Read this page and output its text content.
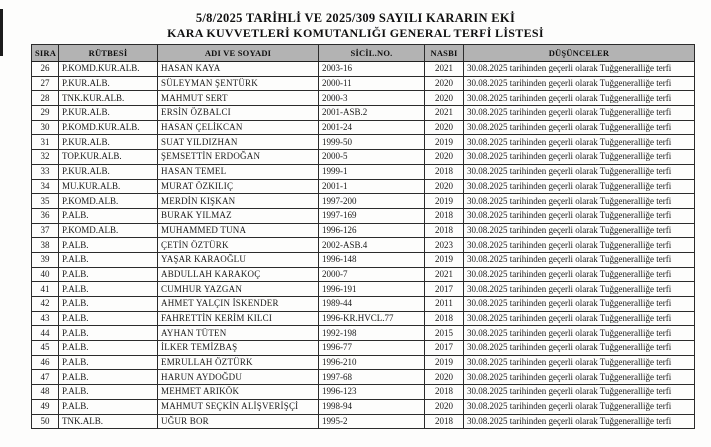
5/8/2025 TARİHLİ VE 2025/309 SAYILI KARARIN EKİ
KARA KUVVETLERİ KOMUTANLIĞI GENERAL TERFİ LİSTESİ
SIRA	RÜTBESİ	ADI VE SOYADI	SİCİL.NO.	NASBI	DÜŞÜNCELER
26	P.KOMD.KUR.ALB.	HASAN KAYA	2003-16	2021	30.08.2025 tarihinden geçerli olarak Tuğgeneralliğe terfi
27	P.KUR.ALB.	SÜLEYMAN ŞENTÜRK	2000-11	2020	30.08.2025 tarihinden geçerli olarak Tuğgeneralliğe terfi
28	TNK.KUR.ALB.	MAHMUT SERT	2000-3	2020	30.08.2025 tarihinden geçerli olarak Tuğgeneralliğe terfi
29	P.KUR.ALB.	ERSİN ÖZBALCI	2001-ASB.2	2021	30.08.2025 tarihinden geçerli olarak Tuğgeneralliğe terfi
30	P.KOMD.KUR.ALB.	HASAN ÇELİKCAN	2001-24	2020	30.08.2025 tarihinden geçerli olarak Tuğgeneralliğe terfi
31	P.KUR.ALB.	SUAT YILDIZHAN	1999-50	2019	30.08.2025 tarihinden geçerli olarak Tuğgeneralliğe terfi
32	TOP.KUR.ALB.	ŞEMSETTİN ERDOĞAN	2000-5	2020	30.08.2025 tarihinden geçerli olarak Tuğgeneralliğe terfi
33	P.KUR.ALB.	HASAN TEMEL	1999-1	2018	30.08.2025 tarihinden geçerli olarak Tuğgeneralliğe terfi
34	MU.KUR.ALB.	MURAT ÖZKILIÇ	2001-1	2020	30.08.2025 tarihinden geçerli olarak Tuğgeneralliğe terfi
35	P.KOMD.ALB.	MERDİN KIŞKAN	1997-200	2019	30.08.2025 tarihinden geçerli olarak Tuğgeneralliğe terfi
36	P.ALB.	BURAK YILMAZ	1997-169	2018	30.08.2025 tarihinden geçerli olarak Tuğgeneralliğe terfi
37	P.KOMD.ALB.	MUHAMMED TUNA	1996-126	2018	30.08.2025 tarihinden geçerli olarak Tuğgeneralliğe terfi
38	P.ALB.	ÇETİN ÖZTÜRK	2002-ASB.4	2023	30.08.2025 tarihinden geçerli olarak Tuğgeneralliğe terfi
39	P.ALB.	YAŞAR KARAOĞLU	1996-148	2019	30.08.2025 tarihinden geçerli olarak Tuğgeneralliğe terfi
40	P.ALB.	ABDULLAH KARAKOÇ	2000-7	2021	30.08.2025 tarihinden geçerli olarak Tuğgeneralliğe terfi
41	P.ALB.	CUMHUR YAZGAN	1996-191	2017	30.08.2025 tarihinden geçerli olarak Tuğgeneralliğe terfi
42	P.ALB.	AHMET YALÇIN İSKENDER	1989-44	2011	30.08.2025 tarihinden geçerli olarak Tuğgeneralliğe terfi
43	P.ALB.	FAHRETTİN KERİM KILCI	1996-KR.HVCL.77	2018	30.08.2025 tarihinden geçerli olarak Tuğgeneralliğe terfi
44	P.ALB.	AYHAN TÜTEN	1992-198	2015	30.08.2025 tarihinden geçerli olarak Tuğgeneralliğe terfi
45	P.ALB.	İLKER TEMİZBAŞ	1996-77	2017	30.08.2025 tarihinden geçerli olarak Tuğgeneralliğe terfi
46	P.ALB.	EMRULLAH ÖZTÜRK	1996-210	2019	30.08.2025 tarihinden geçerli olarak Tuğgeneralliğe terfi
47	P.ALB.	HARUN AYDOĞDU	1997-68	2020	30.08.2025 tarihinden geçerli olarak Tuğgeneralliğe terfi
48	P.ALB.	MEHMET ARIKÖK	1996-123	2018	30.08.2025 tarihinden geçerli olarak Tuğgeneralliğe terfi
49	P.ALB.	MAHMUT SEÇKİN ALİŞVERİŞÇİ	1998-94	2020	30.08.2025 tarihinden geçerli olarak Tuğgeneralliğe terfi
50	TNK.ALB.	UĞUR BOR	1995-2	2018	30.08.2025 tarihinden geçerli olarak Tuğgeneralliğe terfi
